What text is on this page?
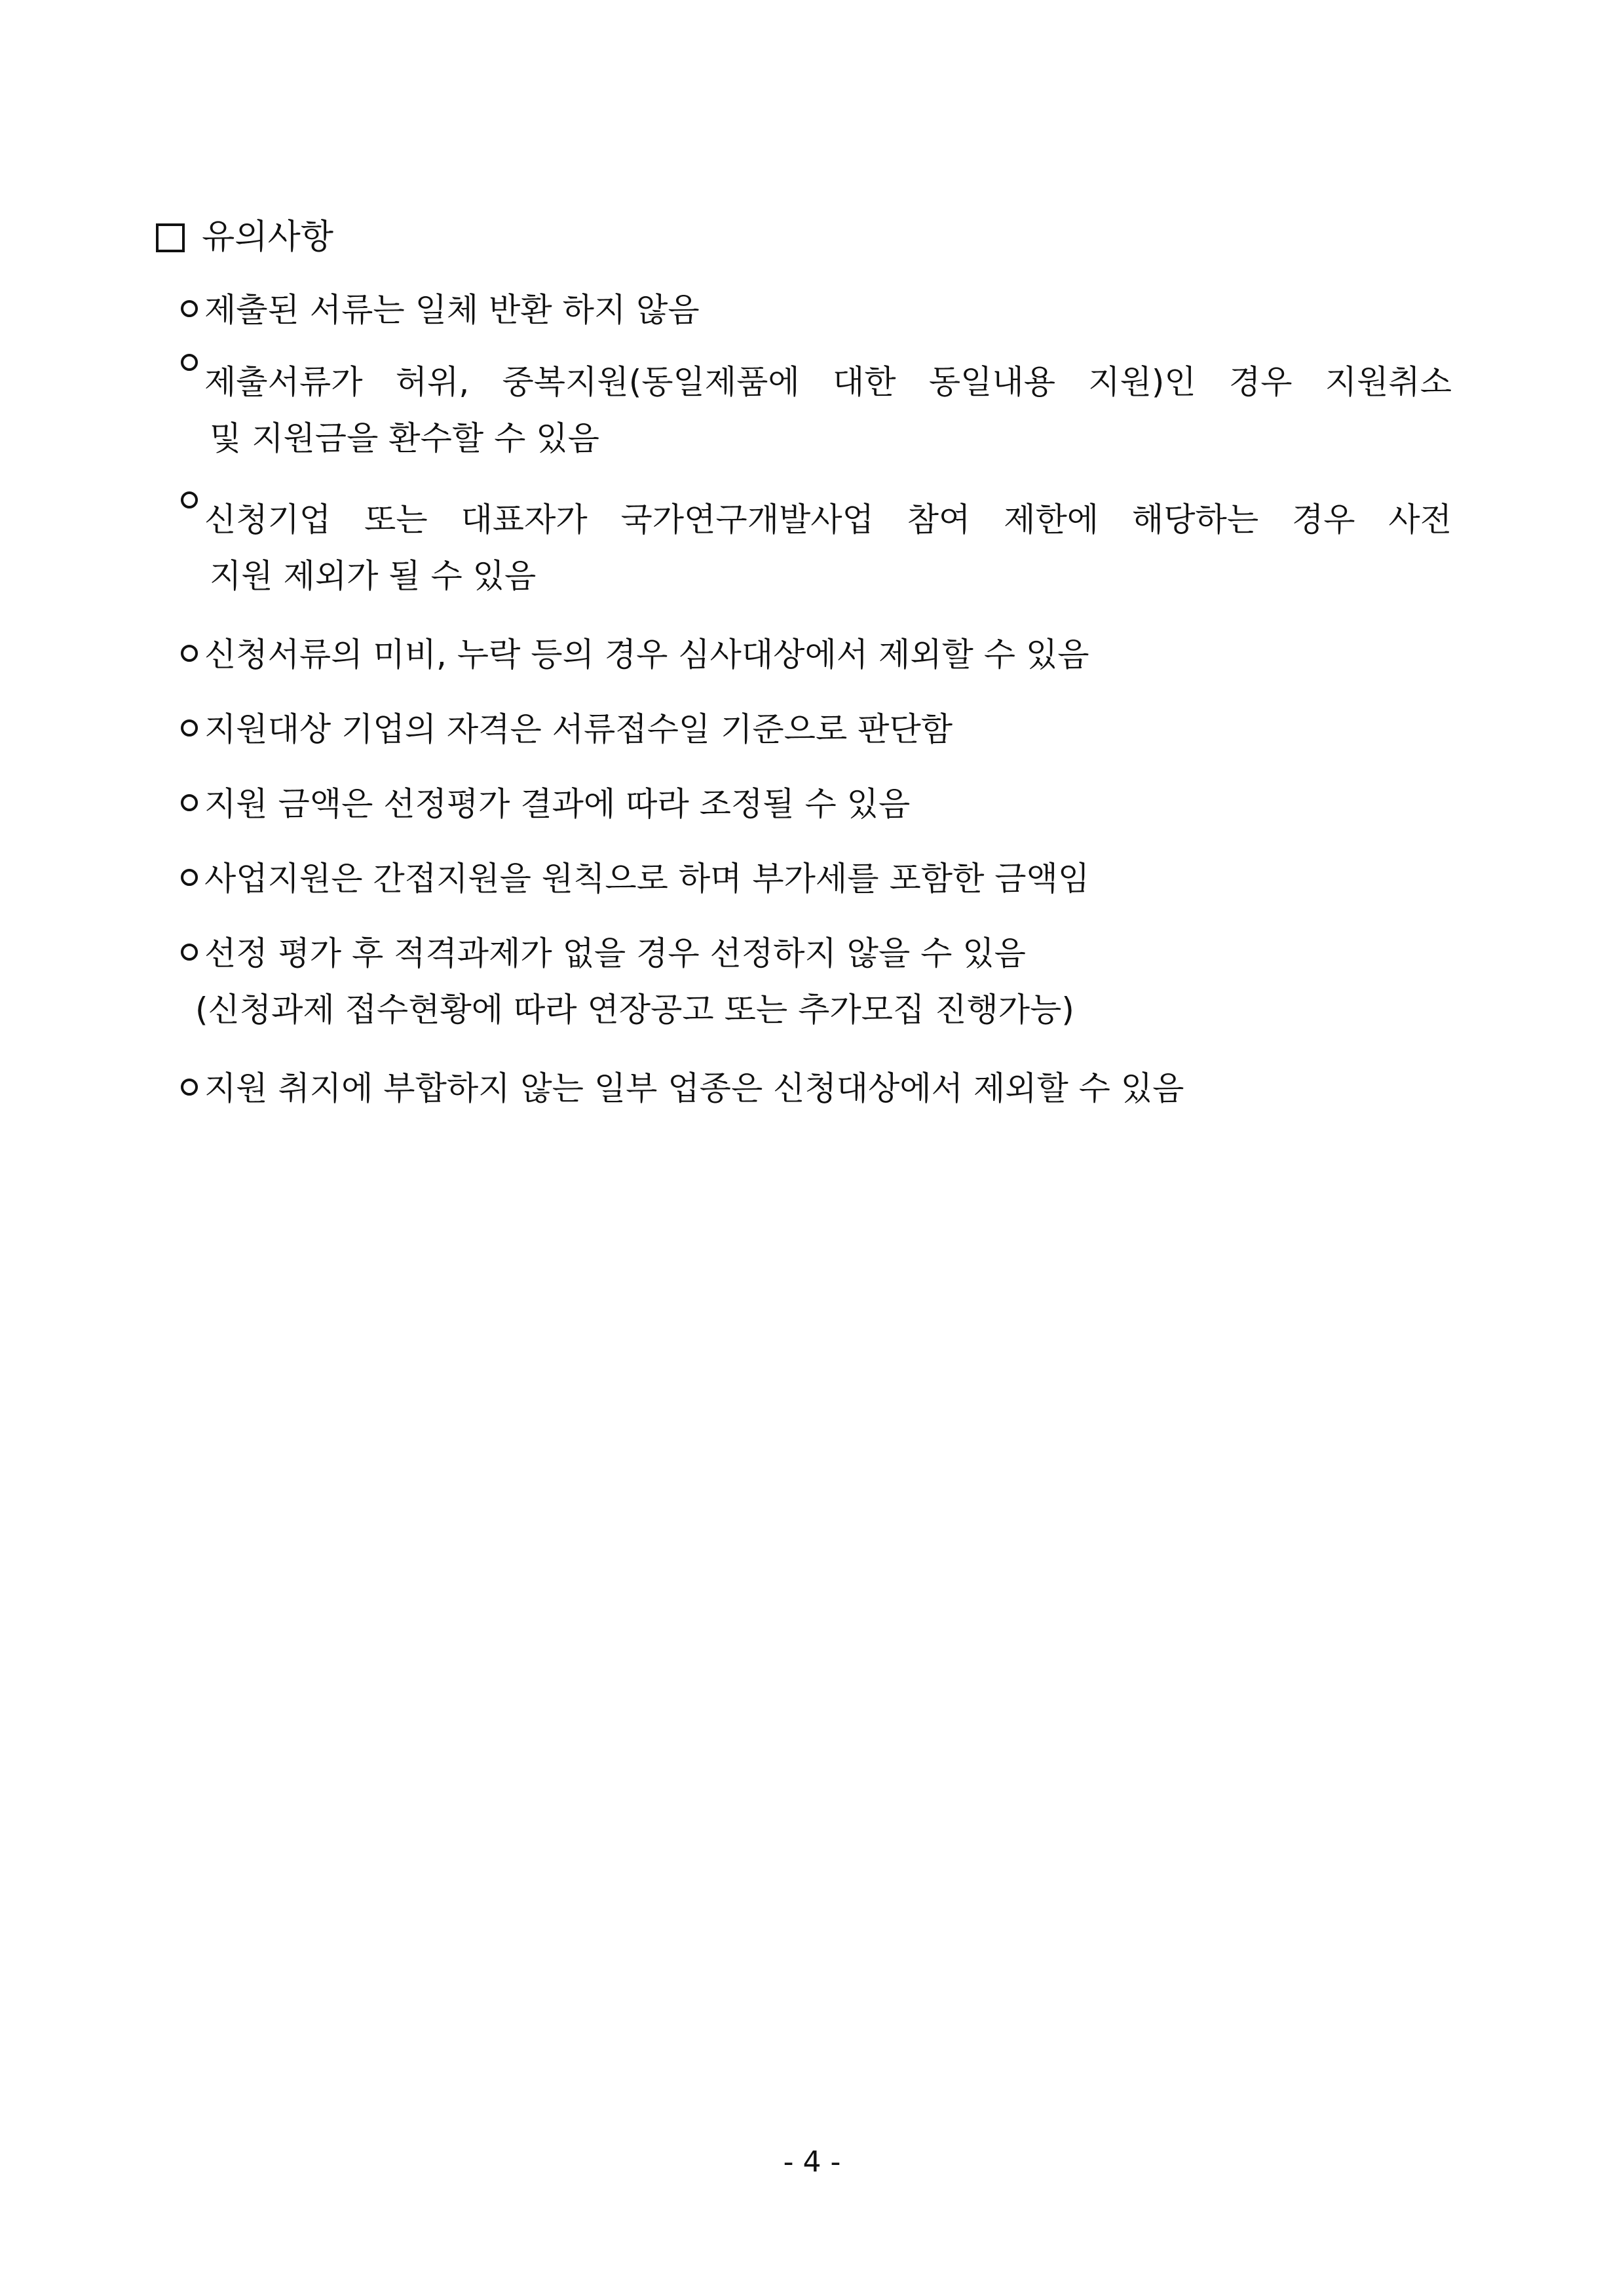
유의사항
제출된 서류는 일체 반환 하지 않음
제출서류가 허위, 중복지원(동일제품에 대한 동일내용 지원)인 경우 지원취소
및 지원금을 환수할 수 있음
신청기업 또는 대표자가 국가연구개발사업 참여 제한에 해당하는 경우 사전
지원 제외가 될 수 있음
신청서류의 미비, 누락 등의 경우 심사대상에서 제외할 수 있음
지원대상 기업의 자격은 서류접수일 기준으로 판단함
지원 금액은 선정평가 결과에 따라 조정될 수 있음
사업지원은 간접지원을 원칙으로 하며 부가세를 포함한 금액임
선정 평가 후 적격과제가 없을 경우 선정하지 않을 수 있음
(신청과제 접수현황에 따라 연장공고 또는 추가모집 진행가능)
지원 취지에 부합하지 않는 일부 업종은 신청대상에서 제외할 수 있음
- 4 -
